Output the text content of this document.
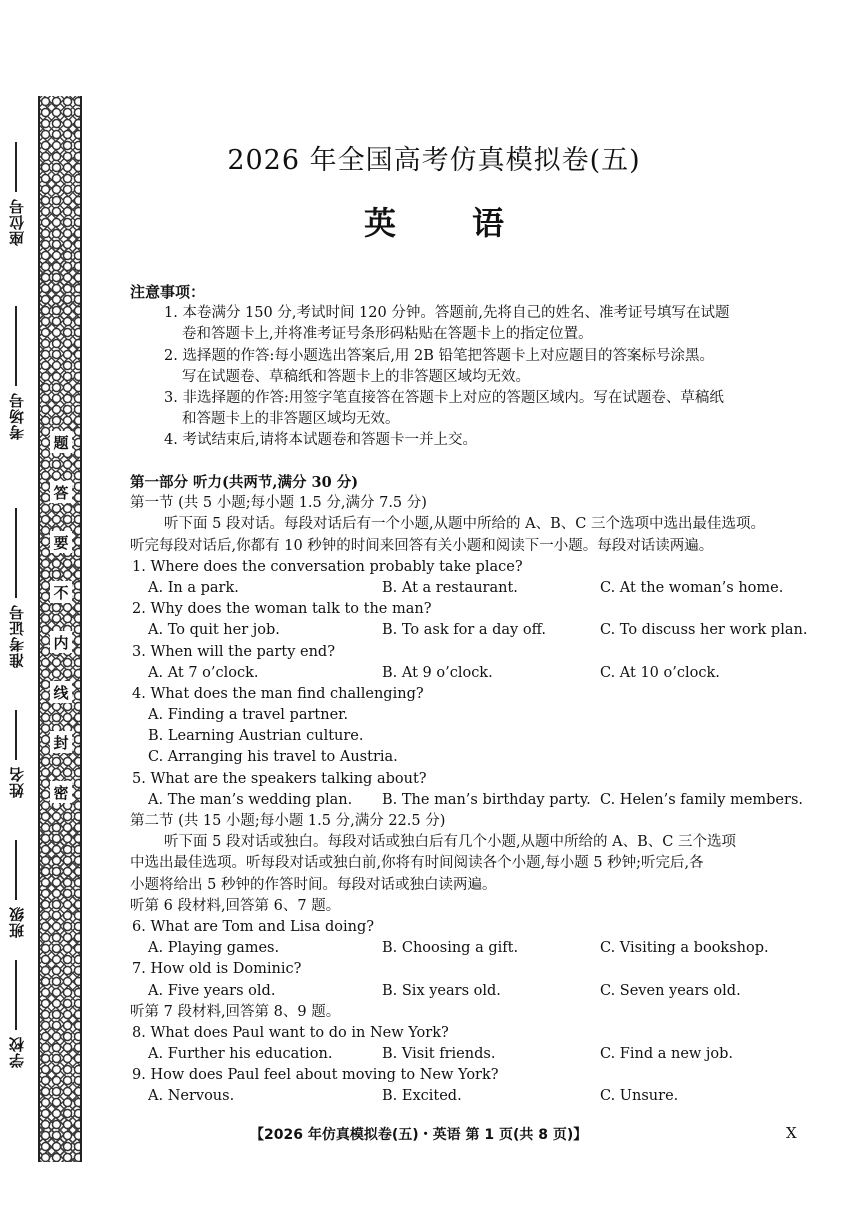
座位号
考场号
准考证号
姓名
班级
学校
题
答
要
不
内
线
封
密
2026 年全国高考仿真模拟卷(五)
英 语
注意事项：
1. 本卷满分 150 分,考试时间 120 分钟。答题前,先将自己的姓名、准考证号填写在试题
卷和答题卡上,并将准考证号条形码粘贴在答题卡上的指定位置。
2. 选择题的作答:每小题选出答案后,用 2B 铅笔把答题卡上对应题目的答案标号涂黑。
写在试题卷、草稿纸和答题卡上的非答题区域均无效。
3. 非选择题的作答:用签字笔直接答在答题卡上对应的答题区域内。写在试题卷、草稿纸
和答题卡上的非答题区域均无效。
4. 考试结束后,请将本试题卷和答题卡一并上交。
第一部分 听力(共两节,满分 30 分)
第一节 (共 5 小题;每小题 1.5 分,满分 7.5 分)
听下面 5 段对话。每段对话后有一个小题,从题中所给的 A、B、C 三个选项中选出最佳选项。
听完每段对话后,你都有 10 秒钟的时间来回答有关小题和阅读下一小题。每段对话读两遍。
1. Where does the conversation probably take place?
A. In a park.	B. At a restaurant.	C. At the woman’s home.
2. Why does the woman talk to the man?
A. To quit her job.	B. To ask for a day off.	C. To discuss her work plan.
3. When will the party end?
A. At 7 o’clock.	B. At 9 o’clock.	C. At 10 o’clock.
4. What does the man find challenging?
A. Finding a travel partner.
B. Learning Austrian culture.
C. Arranging his travel to Austria.
5. What are the speakers talking about?
A. The man’s wedding plan. B. The man’s birthday party. C. Helen’s family members.
第二节 (共 15 小题;每小题 1.5 分,满分 22.5 分)
听下面 5 段对话或独白。每段对话或独白后有几个小题,从题中所给的 A、B、C 三个选项
中选出最佳选项。听每段对话或独白前,你将有时间阅读各个小题,每小题 5 秒钟;听完后,各
小题将给出 5 秒钟的作答时间。每段对话或独白读两遍。
听第 6 段材料,回答第 6、7 题。
6. What are Tom and Lisa doing?
A. Playing games.	B. Choosing a gift.	C. Visiting a bookshop.
7. How old is Dominic?
A. Five years old.	B. Six years old.	C. Seven years old.
听第 7 段材料,回答第 8、9 题。
8. What does Paul want to do in New York?
A. Further his education.	B. Visit friends.	C. Find a new job.
9. How does Paul feel about moving to New York?
A. Nervous.	B. Excited.	C. Unsure.
【2026 年仿真模拟卷(五)・英语 第 1 页(共 8 页)】	X
